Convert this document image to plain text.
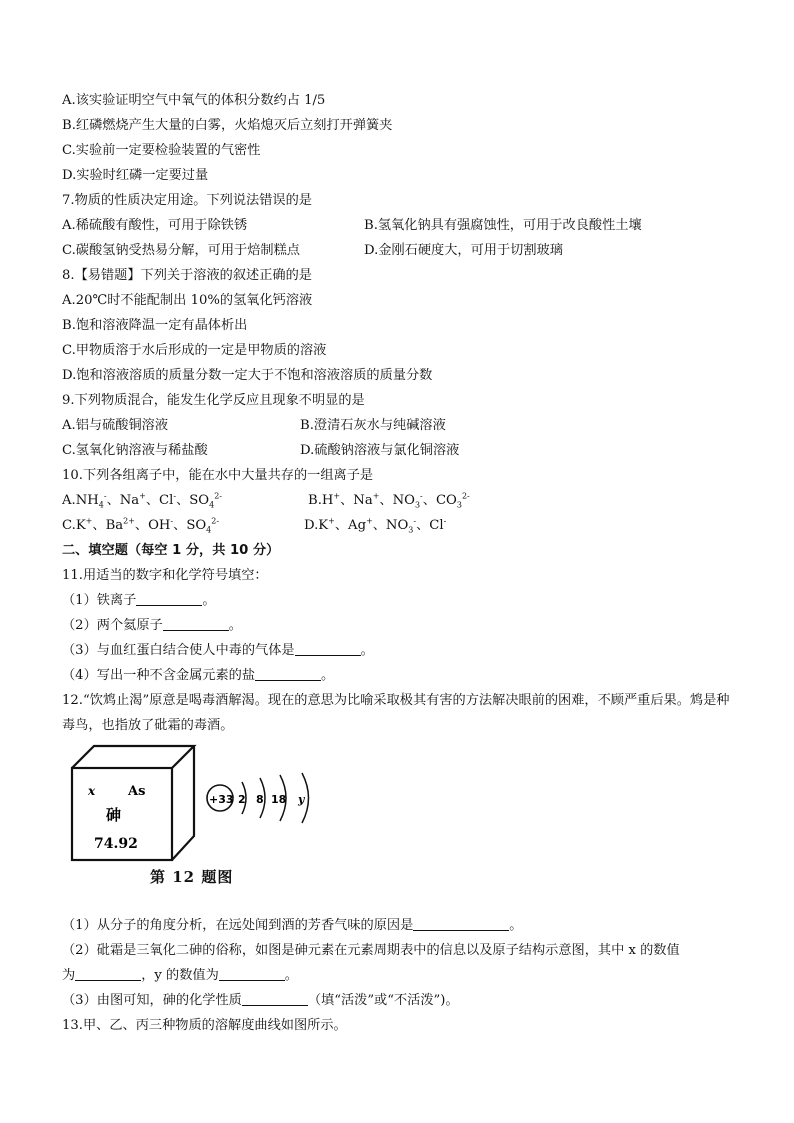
A.该实验证明空气中氧气的体积分数约占 1/5
B.红磷燃烧产生大量的白雾，火焰熄灭后立刻打开弹簧夹
C.实验前一定要检验装置的气密性
D.实验时红磷一定要过量
7.物质的性质决定用途。下列说法错误的是
A.稀硫酸有酸性，可用于除铁锈	B.氢氧化钠具有强腐蚀性，可用于改良酸性土壤
C.碳酸氢钠受热易分解，可用于焙制糕点	D.金刚石硬度大，可用于切割玻璃
8.【易错题】下列关于溶液的叙述正确的是
A.20℃时不能配制出 10%的氢氧化钙溶液
B.饱和溶液降温一定有晶体析出
C.甲物质溶于水后形成的一定是甲物质的溶液
D.饱和溶液溶质的质量分数一定大于不饱和溶液溶质的质量分数
9.下列物质混合，能发生化学反应且现象不明显的是
A.铝与硫酸铜溶液	B.澄清石灰水与纯碱溶液
C.氢氧化钠溶液与稀盐酸	D.硫酸钠溶液与氯化铜溶液
10.下列各组离子中，能在水中大量共存的一组离子是
$A.NH_4^-$、Na+、Cl-、$SO_4^{2-}$	B.H+、Na+、$NO_3^-$、$CO_3^{2-}$
C.K+、$Ba^{2+}$、OH-、$SO_4^{2-}$	D.K+、Ag+、$NO_3^-$、Cl-
二、填空题（每空 1 分，共 10 分）
11.用适当的数字和化学符号填空：
（1）铁离子	。
（2）两个氦原子	。
（3）与血红蛋白结合使人中毒的气体是	。
（4）写出一种不含金属元素的盐	。
12.“饮鸩止渴”原意是喝毒酒解渴。现在的意思为比喻采取极其有害的方法解决眼前的困难，不顾严重后果。鸩是种毒鸟，也指放了砒霜的毒酒。
x	As
砷
74.92
+33 2 8 18 y
第 12 题图
（1）从分子的角度分析，在远处闻到酒的芳香气味的原因是	。
（2）砒霜是三氧化二砷的俗称，如图是砷元素在元素周期表中的信息以及原子结构示意图，其中 x 的数值
为	，y 的数值为	。
（3）由图可知，砷的化学性质	（填“活泼”或“不活泼”)。
13.甲、乙、丙三种物质的溶解度曲线如图所示。
